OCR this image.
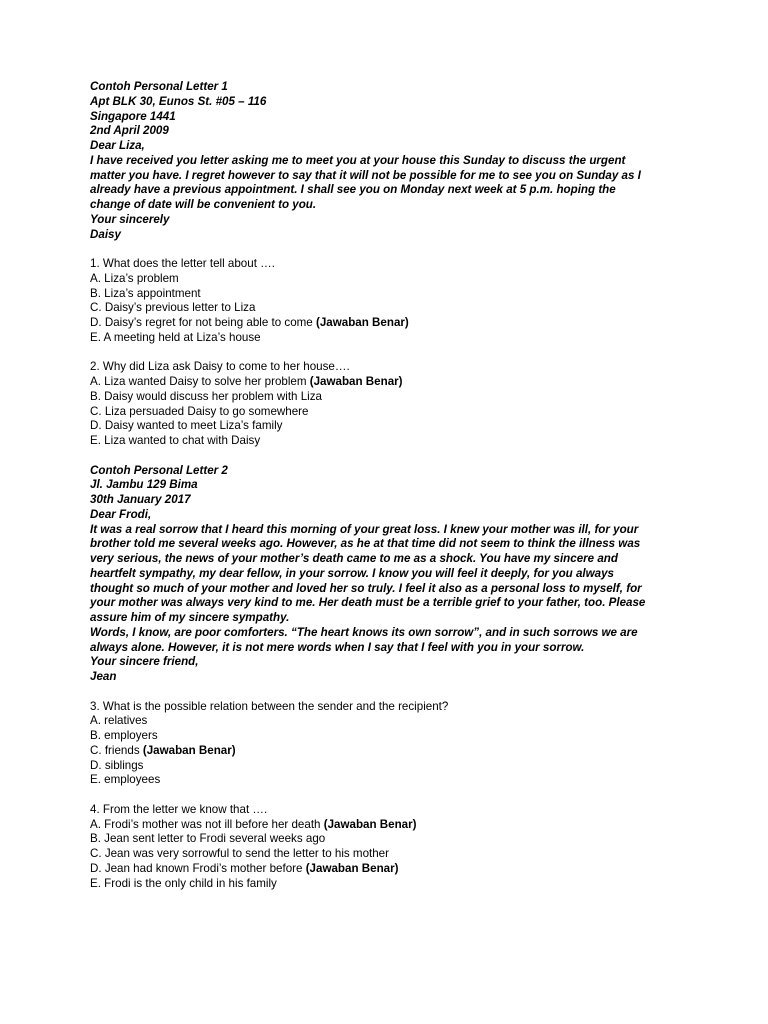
Contoh Personal Letter 1

Apt BLK 30, Eunos St. #05 – 116

Singapore 1441

2nd April 2009

Dear Liza,

I have received you letter asking me to meet you at your house this Sunday to discuss the urgent

matter you have. I regret however to say that it will not be possible for me to see you on Sunday as I

already have a previous appointment. I shall see you on Monday next week at 5 p.m. hoping the

change of date will be convenient to you.

Your sincerely

Daisy

1. What does the letter tell about ….

A. Liza’s problem

B. Liza’s appointment

C. Daisy’s previous letter to Liza

D. Daisy’s regret for not being able to come (Jawaban Benar)

E. A meeting held at Liza’s house

2. Why did Liza ask Daisy to come to her house….

A. Liza wanted Daisy to solve her problem (Jawaban Benar)

B. Daisy would discuss her problem with Liza

C. Liza persuaded Daisy to go somewhere

D. Daisy wanted to meet Liza’s family

E. Liza wanted to chat with Daisy

Contoh Personal Letter 2

Jl. Jambu 129 Bima

30th January 2017

Dear Frodi,

It was a real sorrow that I heard this morning of your great loss. I knew your mother was ill, for your

brother told me several weeks ago. However, as he at that time did not seem to think the illness was

very serious, the news of your mother’s death came to me as a shock. You have my sincere and

heartfelt sympathy, my dear fellow, in your sorrow. I know you will feel it deeply, for you always

thought so much of your mother and loved her so truly. I feel it also as a personal loss to myself, for

your mother was always very kind to me. Her death must be a terrible grief to your father, too. Please

assure him of my sincere sympathy.

Words, I know, are poor comforters. “The heart knows its own sorrow”, and in such sorrows we are

always alone. However, it is not mere words when I say that I feel with you in your sorrow.

Your sincere friend,

Jean

3. What is the possible relation between the sender and the recipient?

A. relatives

B. employers

C. friends (Jawaban Benar)

D. siblings

E. employees

4. From the letter we know that ….

A. Frodi’s mother was not ill before her death (Jawaban Benar)

B. Jean sent letter to Frodi several weeks ago

C. Jean was very sorrowful to send the letter to his mother

D. Jean had known Frodi’s mother before (Jawaban Benar)

E. Frodi is the only child in his family
